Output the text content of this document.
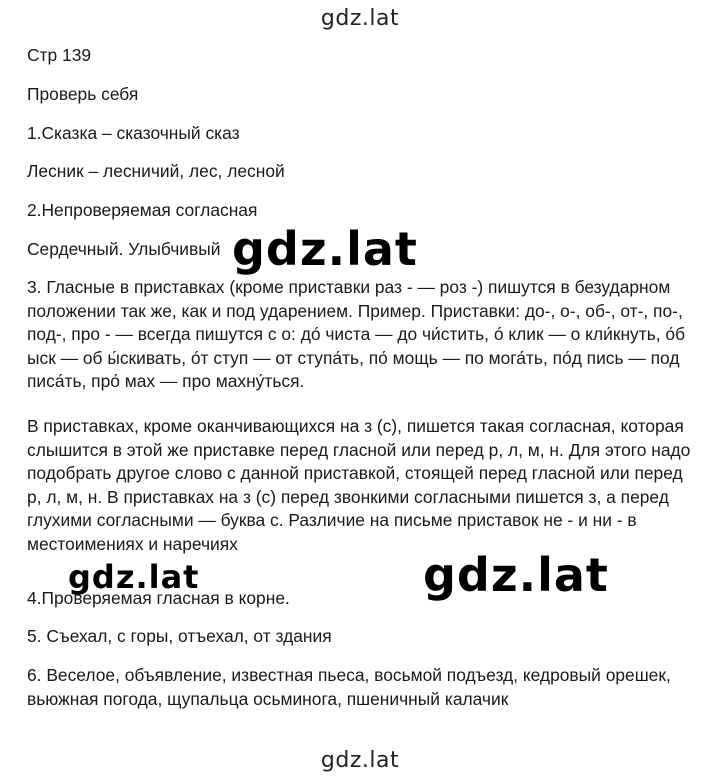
gdz.lat
Стр 139
Проверь себя
1.Сказка – сказочный сказ
Лесник – лесничий, лес, лесной
2.Непроверяемая согласная
Сердечный. Улыбчивый

3. Гласные в приставках (кроме приставки раз - — роз -) пишутся в безударном положении так же, как и под ударением. Пример. Приставки: до-, о-, об-, от-, по-, под-, про - — всегда пишутся с о: до́ чиста — до чи́стить, о́ клик — о кли́кнуть, о́б ыск — об ы́скивать, о́т ступ — от ступа́ть, по́ мощь — по мога́ть, по́д пись — под писа́ть, про́ мах — про махну́ться.

В приставках, кроме оканчивающихся на з (с), пишется такая согласная, которая слышится в этой же приставке перед гласной или перед р, л, м, н. Для этого надо подобрать другое слово с данной приставкой, стоящей перед гласной или перед р, л, м, н. В приставках на з (с) перед звонкими согласными пишется з, а перед глухими согласными — буква с. Различие на письме приставок не - и ни - в местоимениях и наречиях

4.Проверяемая гласная в корне.
5. Съехал, с горы, отъехал, от здания

6. Веселое, объявление, известная пьеса, восьмой подъезд, кедровый орешек, вьюжная погода, щупальца осьминога, пшеничный калачик

gdz.lat
gdz.lat	gdz.lat
gdz.lat
